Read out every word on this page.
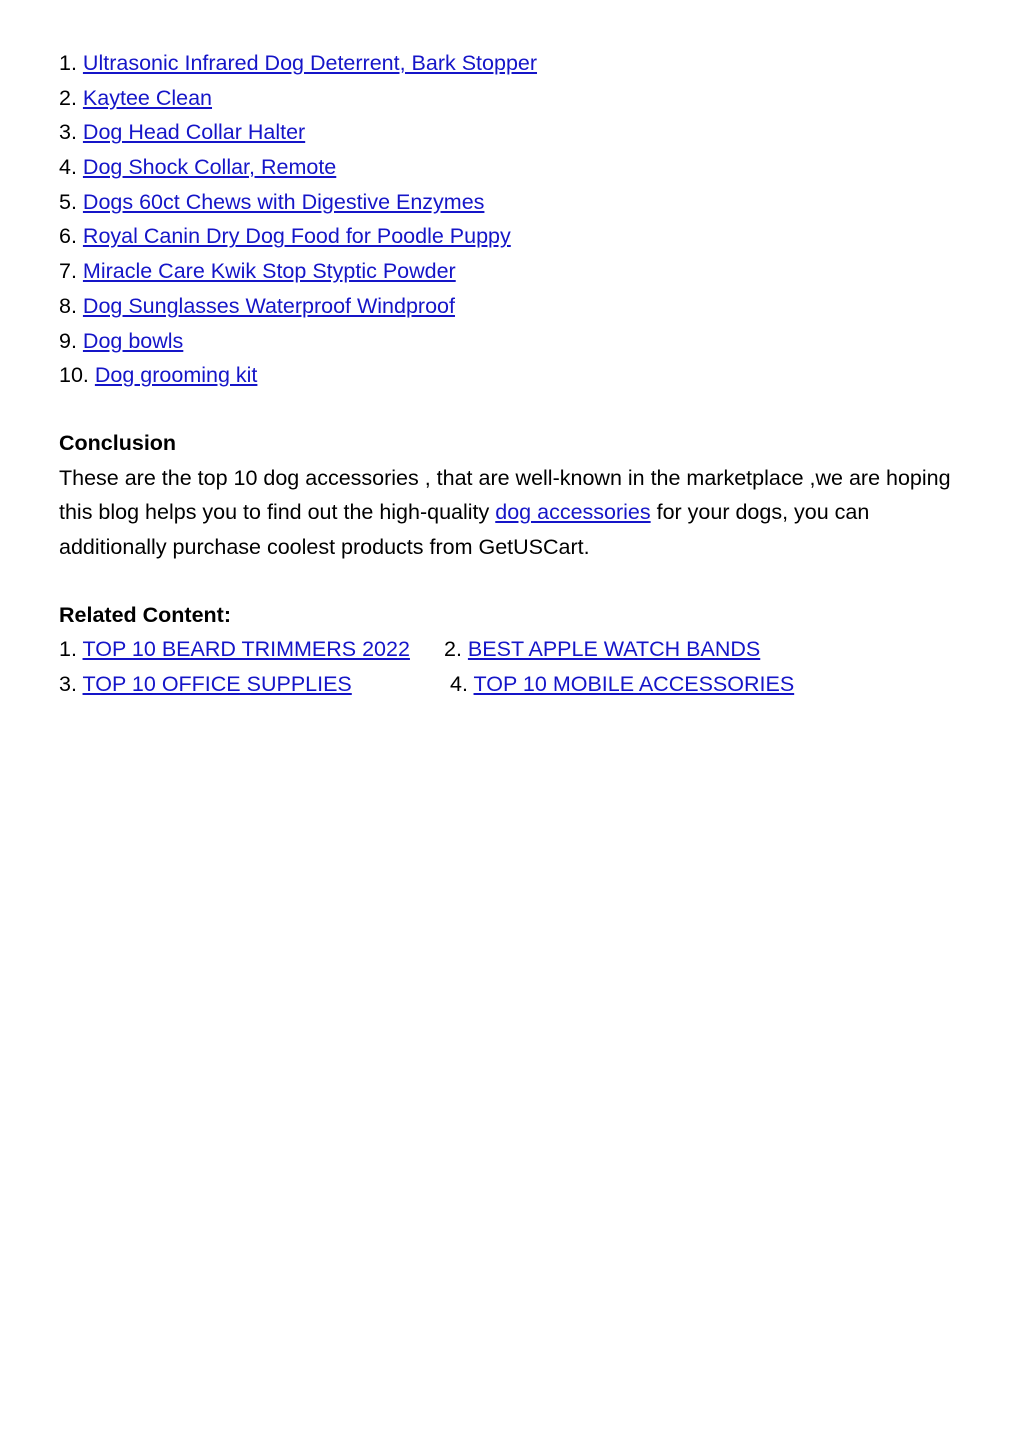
1. Ultrasonic Infrared Dog Deterrent, Bark Stopper
2. Kaytee Clean
3. Dog Head Collar Halter
4. Dog Shock Collar, Remote
5. Dogs 60ct Chews with Digestive Enzymes
6. Royal Canin Dry Dog Food for Poodle Puppy
7. Miracle Care Kwik Stop Styptic Powder
8. Dog Sunglasses Waterproof Windproof
9. Dog bowls
10. Dog grooming kit
Conclusion
These are the top 10 dog accessories , that are well-known in the marketplace ,we are hoping
this blog helps you to find out the high-quality dog accessories for your dogs, you can
additionally purchase coolest products from GetUSCart.
Related Content:
1. TOP 10 BEARD TRIMMERS 2022 2. BEST APPLE WATCH BANDS
3. TOP 10 OFFICE SUPPLIES	4. TOP 10 MOBILE ACCESSORIES
